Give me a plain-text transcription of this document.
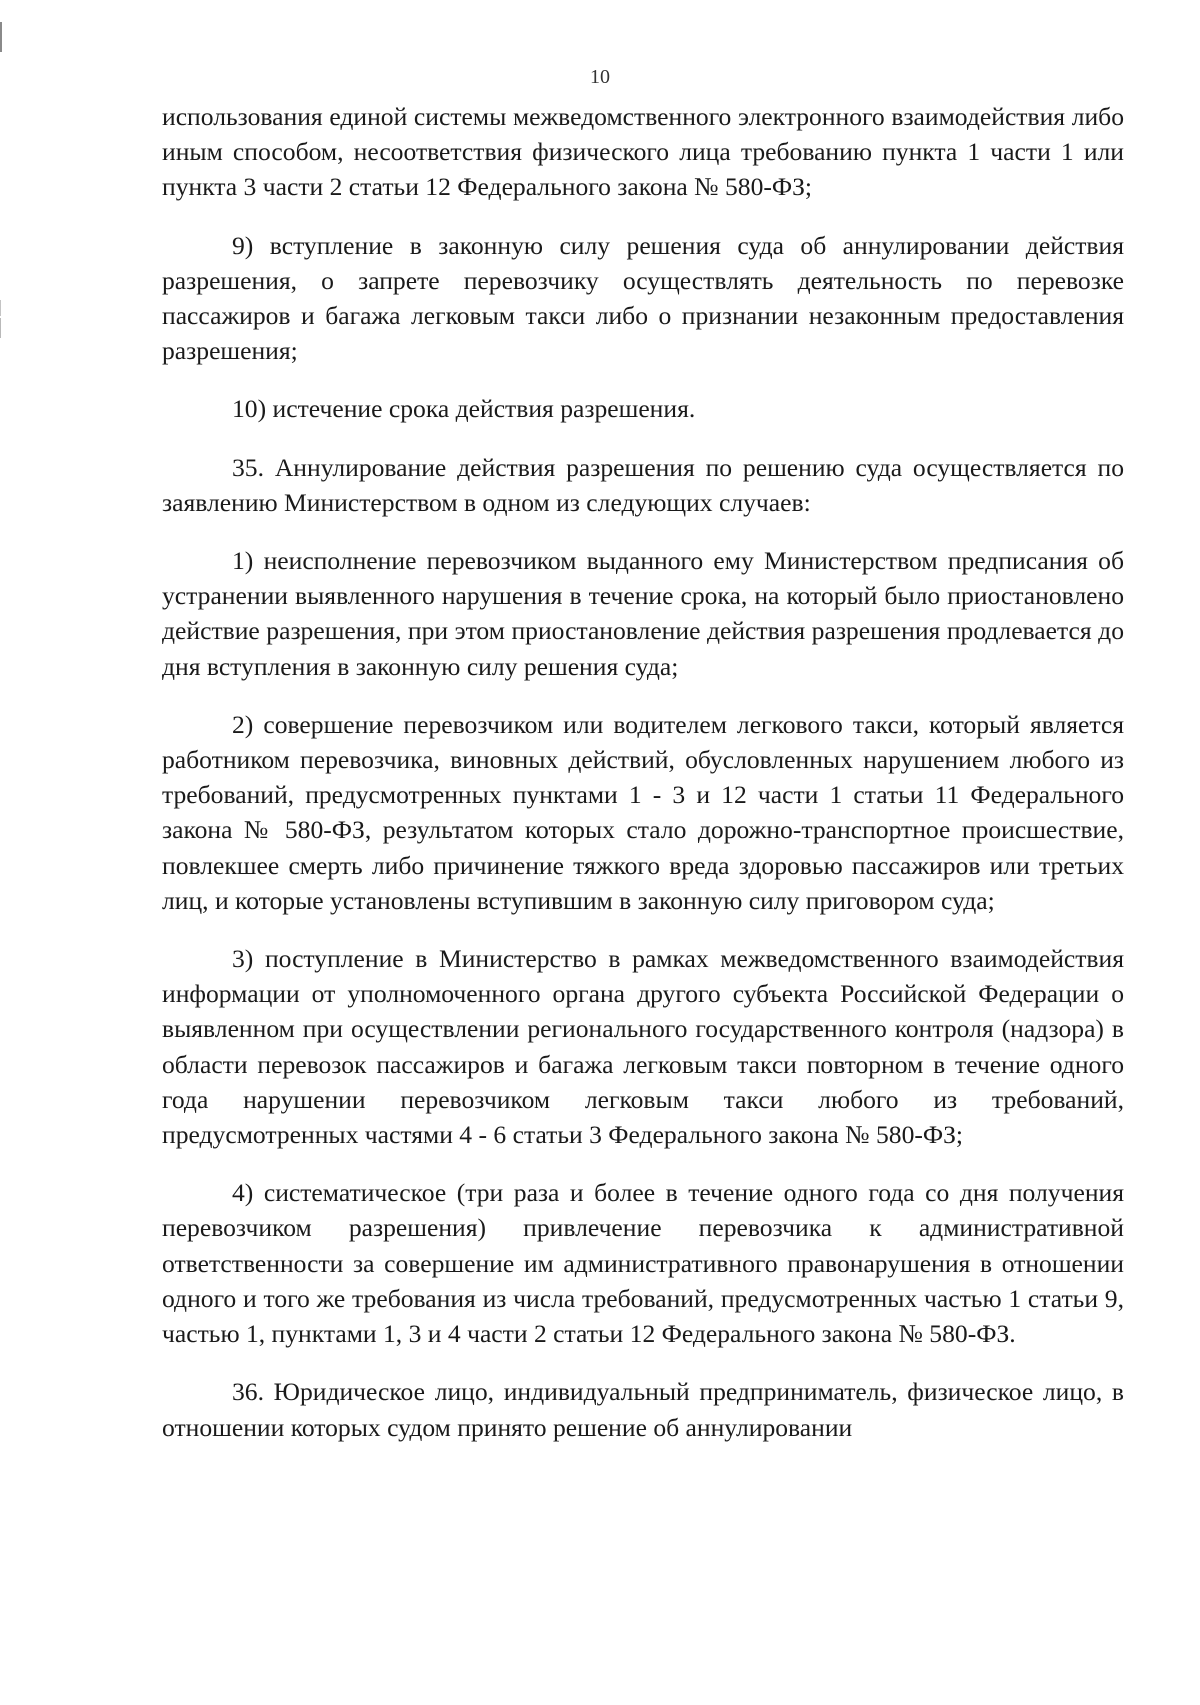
10

использования единой системы межведомственного электронного взаимодействия либо иным способом, несоответствия физического лица требованию пункта 1 части 1 или пункта 3 части 2 статьи 12 Федерального закона № 580-ФЗ;

9) вступление в законную силу решения суда об аннулировании действия разрешения, о запрете перевозчику осуществлять деятельность по перевозке пассажиров и багажа легковым такси либо о признании незаконным предоставления разрешения;

10) истечение срока действия разрешения.

35. Аннулирование действия разрешения по решению суда осуществляется по заявлению Министерством в одном из следующих случаев:

1) неисполнение перевозчиком выданного ему Министерством предписания об устранении выявленного нарушения в течение срока, на который было приостановлено действие разрешения, при этом приостановление действия разрешения продлевается до дня вступления в законную силу решения суда;

2) совершение перевозчиком или водителем легкового такси, который является работником перевозчика, виновных действий, обусловленных нарушением любого из требований, предусмотренных пунктами 1 - 3 и 12 части 1 статьи 11 Федерального закона № 580-ФЗ, результатом которых стало дорожно-транспортное происшествие, повлекшее смерть либо причинение тяжкого вреда здоровью пассажиров или третьих лиц, и которые установлены вступившим в законную силу приговором суда;

3) поступление в Министерство в рамках межведомственного взаимодействия информации от уполномоченного органа другого субъекта Российской Федерации о выявленном при осуществлении регионального государственного контроля (надзора) в области перевозок пассажиров и багажа легковым такси повторном в течение одного года нарушении перевозчиком легковым такси любого из требований, предусмотренных частями 4 - 6 статьи 3 Федерального закона № 580-ФЗ;

4) систематическое (три раза и более в течение одного года со дня получения перевозчиком разрешения) привлечение перевозчика к административной ответственности за совершение им административного правонарушения в отношении одного и того же требования из числа требований, предусмотренных частью 1 статьи 9, частью 1, пунктами 1, 3 и 4 части 2 статьи 12 Федерального закона № 580-ФЗ.

36. Юридическое лицо, индивидуальный предприниматель, физическое лицо, в отношении которых судом принято решение об аннулировании
